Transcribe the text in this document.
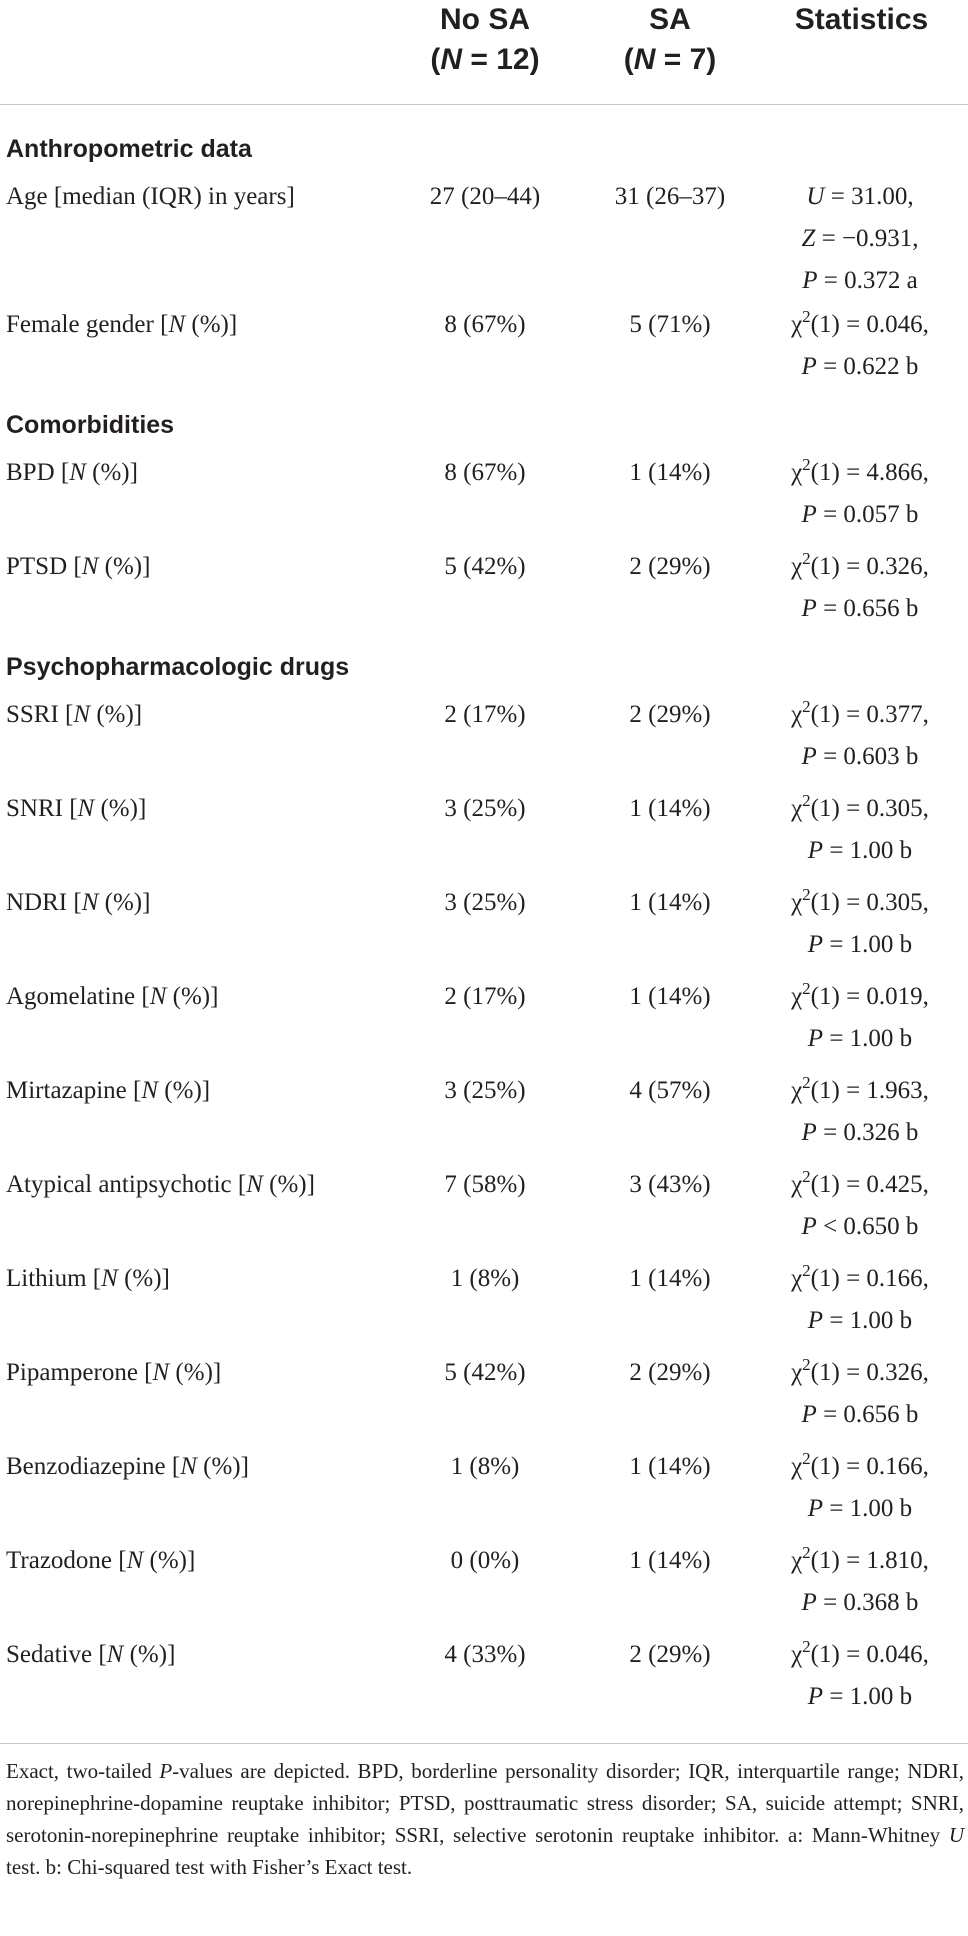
No SA
(N = 12)
SA
(N = 7)
Statistics
Anthropometric data
Age [median (IQR) in years]	27 (20–44)	31 (26–37)	U = 31.00,
Z = −0.931,
P = 0.372 a
Female gender [N (%)]	8 (67%)	5 (71%)	$\chi^2(1) = 0.046$,
P = 0.622 b
Comorbidities
BPD [N (%)]	8 (67%)	1 (14%)	$\chi^2(1) = 4.866$,
P = 0.057 b
PTSD [N (%)]	5 (42%)	2 (29%)	$\chi^2(1) = 0.326$,
P = 0.656 b
Psychopharmacologic drugs
SSRI [N (%)]	2 (17%)	2 (29%)	$\chi^2(1) = 0.377$,
P = 0.603 b
SNRI [N (%)]	3 (25%)	1 (14%)	$\chi^2(1) = 0.305$,
P = 1.00 b
NDRI [N (%)]	3 (25%)	1 (14%)	$\chi^2(1) = 0.305$,
P = 1.00 b
Agomelatine [N (%)]	2 (17%)	1 (14%)	$\chi^2(1) = 0.019$,
P = 1.00 b
Mirtazapine [N (%)]	3 (25%)	4 (57%)	$\chi^2(1) = 1.963$,
P = 0.326 b
Atypical antipsychotic [N (%)]	7 (58%)	3 (43%)	$\chi^2(1) = 0.425$,
P < 0.650 b
Lithium [N (%)]	1 (8%)	1 (14%)	$\chi^2(1) = 0.166$,
P = 1.00 b
Pipamperone [N (%)]	5 (42%)	2 (29%)	$\chi^2(1) = 0.326$,
P = 0.656 b
Benzodiazepine [N (%)]	1 (8%)	1 (14%)	$\chi^2(1) = 0.166$,
P = 1.00 b
Trazodone [N (%)]	0 (0%)	1 (14%)	$\chi^2(1) = 1.810$,
P = 0.368 b
Sedative [N (%)]	4 (33%)	2 (29%)	$\chi^2(1) = 0.046$,
P = 1.00 b
Exact, two-tailed P-values are depicted. BPD, borderline personality disorder; IQR, interquartile range; NDRI, norepinephrine-dopamine reuptake inhibitor; PTSD, posttraumatic stress disorder; SA, suicide attempt; SNRI, serotonin-norepinephrine reuptake inhibitor; SSRI, selective serotonin reuptake inhibitor. a: Mann-Whitney U test. b: Chi-squared test with Fisher’s Exact test.
